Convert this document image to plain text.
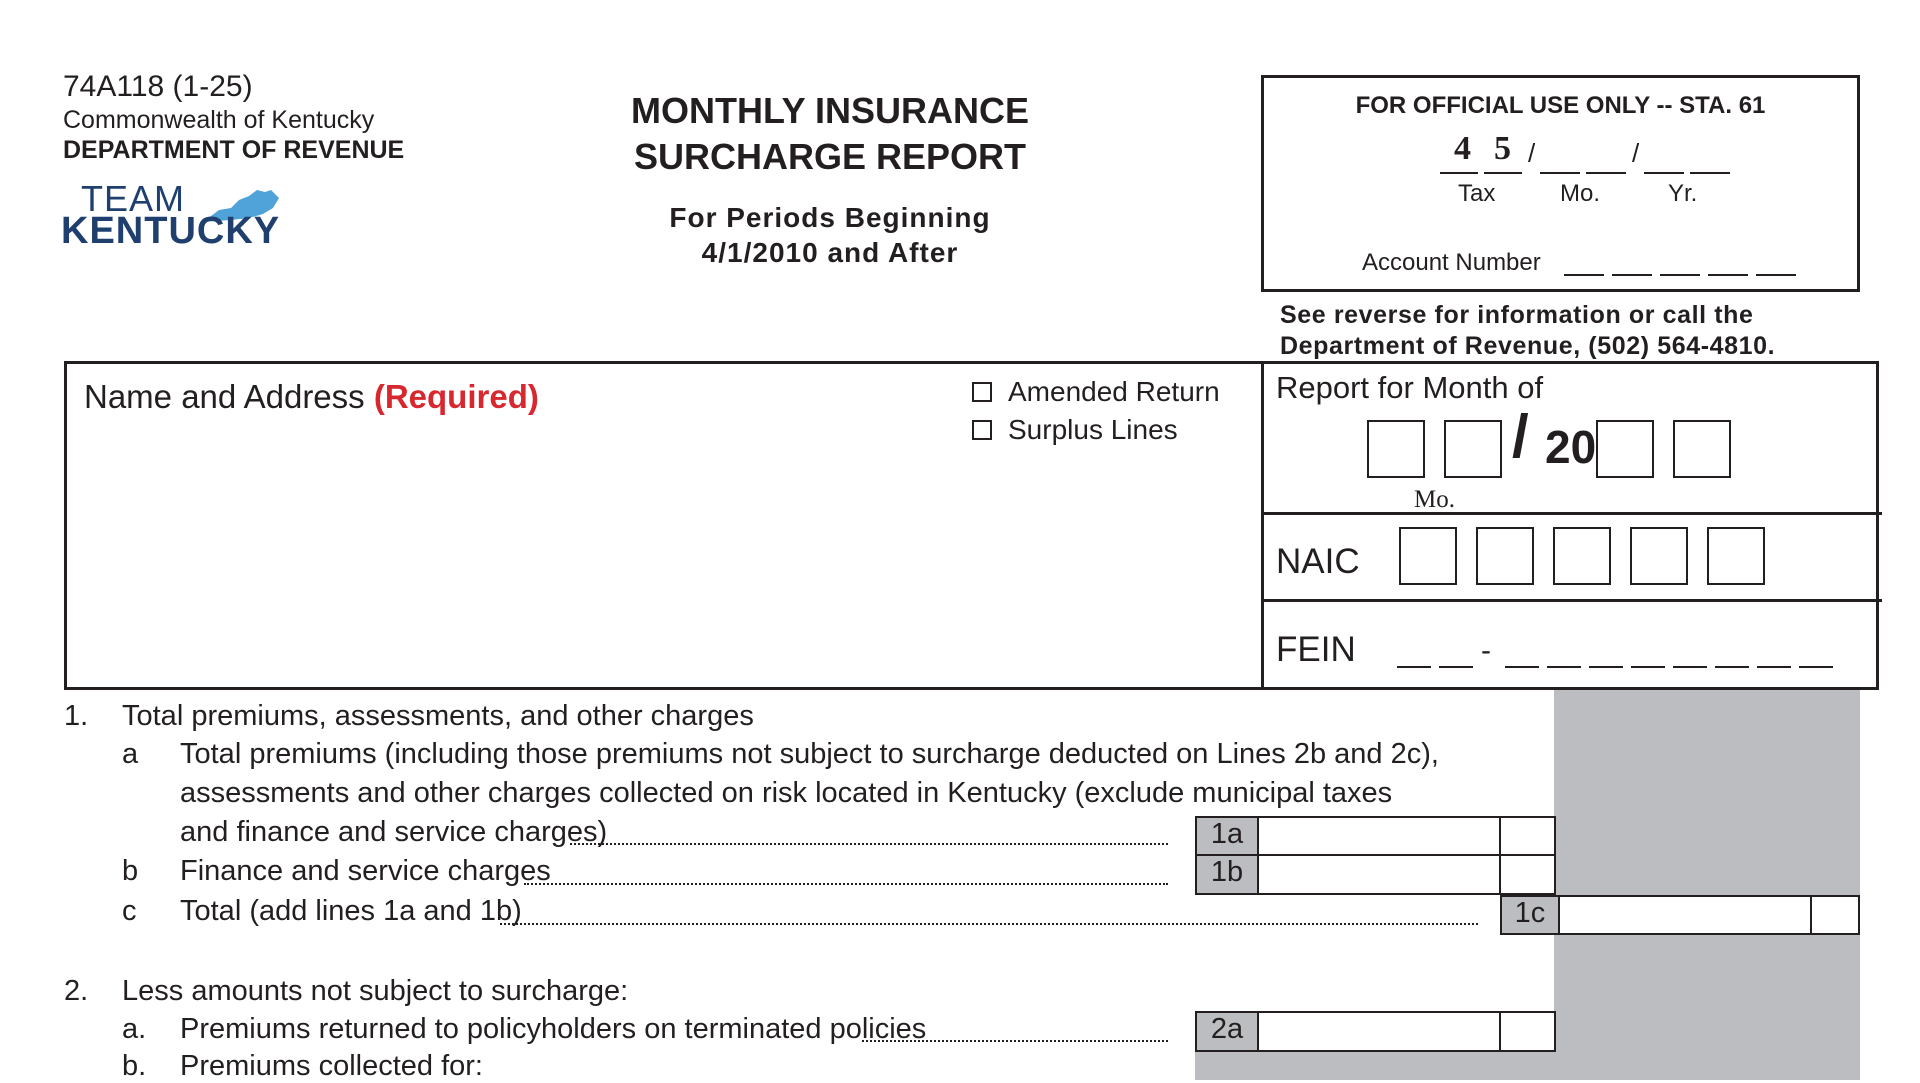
74A118 (1-25)
Commonwealth of Kentucky
DEPARTMENT OF REVENUE
TEAM
KENTUCKY
MONTHLY INSURANCE
SURCHARGE REPORT
For Periods Beginning
4/1/2010 and After
FOR OFFICIAL USE ONLY -- STA. 61
4 5 /	/
Tax	Mo.	Yr.
Account Number
See reverse for information or call the
Department of Revenue, (502) 564-4810.
Name and Address (Required)	Amended Return
Surplus Lines
Report for Month of
/ 20
Mo.
NAIC
FEIN	-
1. Total premiums, assessments, and other charges
a Total premiums (including those premiums not subject to surcharge deducted on Lines 2b and 2c),
assessments and other charges collected on risk located in Kentucky (exclude municipal taxes
and finance and service charges)	1a
b Finance and service charges	1b
c Total (add lines 1a and 1b)	1c
2. Less amounts not subject to surcharge:
a. Premiums returned to policyholders on terminated policies	2a
b. Premiums collected for:
